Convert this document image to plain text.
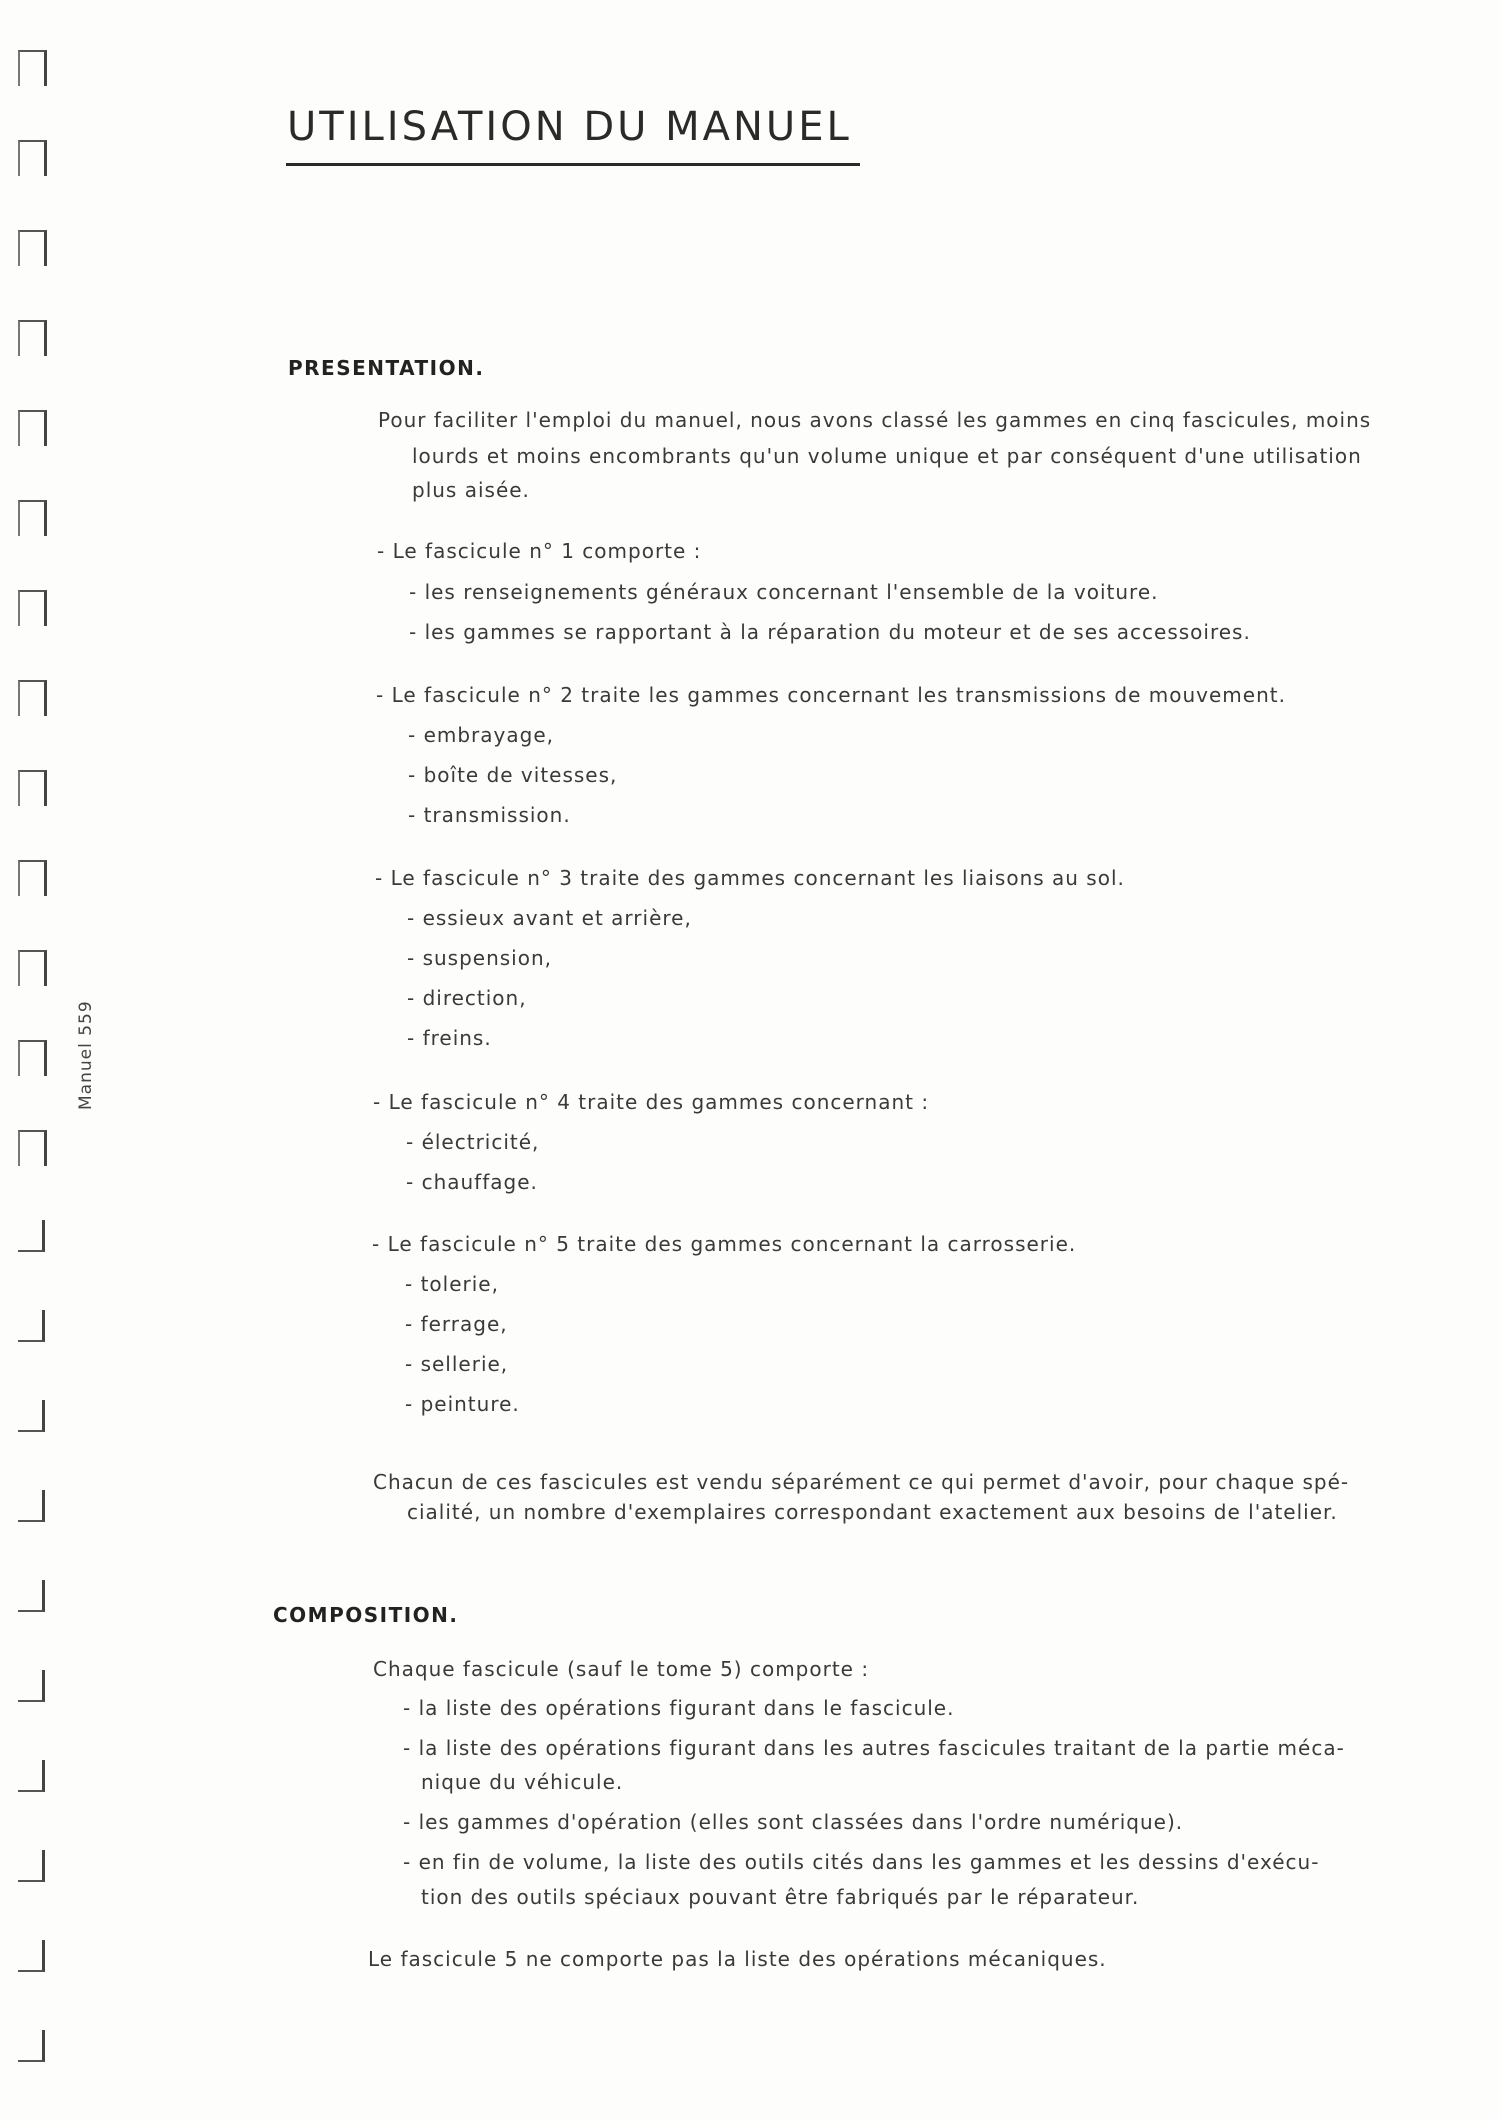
Manuel 559
UTILISATION DU MANUEL
PRESENTATION.
Pour faciliter l'emploi du manuel, nous avons classé les gammes en cinq fascicules, moins
lourds et moins encombrants qu'un volume unique et par conséquent d'une utilisation
plus aisée.
- Le fascicule n° 1 comporte :
- les renseignements généraux concernant l'ensemble de la voiture.
- les gammes se rapportant à la réparation du moteur et de ses accessoires.
- Le fascicule n° 2 traite les gammes concernant les transmissions de mouvement.
- embrayage,
- boîte de vitesses,
- transmission.
- Le fascicule n° 3 traite des gammes concernant les liaisons au sol.
- essieux avant et arrière,
- suspension,
- direction,
- freins.
- Le fascicule n° 4 traite des gammes concernant :
- électricité,
- chauffage.
- Le fascicule n° 5 traite des gammes concernant la carrosserie.
- tolerie,
- ferrage,
- sellerie,
- peinture.
Chacun de ces fascicules est vendu séparément ce qui permet d'avoir, pour chaque spé-
cialité, un nombre d'exemplaires correspondant exactement aux besoins de l'atelier.
COMPOSITION.
Chaque fascicule (sauf le tome 5) comporte :
- la liste des opérations figurant dans le fascicule.
- la liste des opérations figurant dans les autres fascicules traitant de la partie méca-
nique du véhicule.
- les gammes d'opération (elles sont classées dans l'ordre numérique).
- en fin de volume, la liste des outils cités dans les gammes et les dessins d'exécu-
tion des outils spéciaux pouvant être fabriqués par le réparateur.
Le fascicule 5 ne comporte pas la liste des opérations mécaniques.
